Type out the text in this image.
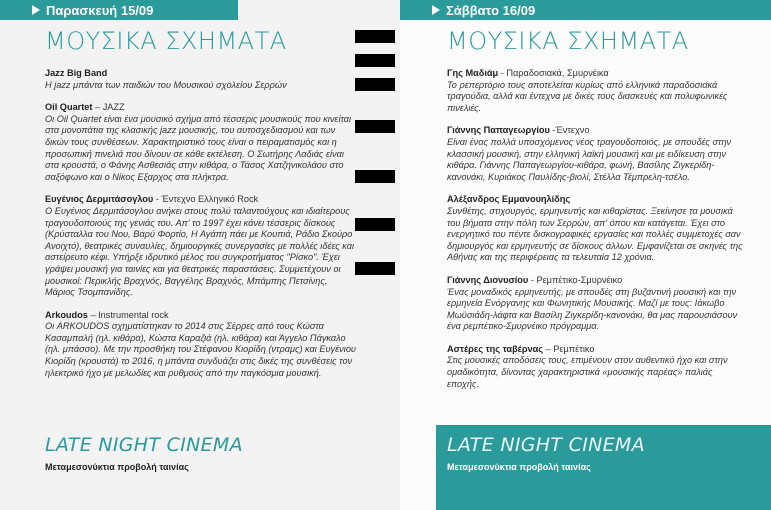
Παρασκευή 15/09
ΜΟΥΣΙΚΑ ΣΧΗΜΑΤΑ
Jazz Big Band
Η jazz μπάντα των παιδιών του Μουσικού σχολείου Σερρών
Oil Quartet – JAZZ
Οι Oil Quartet είναι ένα μουσικό σχήμα από τέσσερις μουσικούς που κινείται στα μονοπάτια της κλασικής jazz μουσικής, του αυτοσχεδιασμού και των δικών τους συνθέσεων. Χαρακτηριστικό τους είναι ο πειραματισμός και η προσωπική πινελιά που δίνουν σε κάθε εκτέλεση. Ο Σωτήρης Λαδιάς είναι στα κρουστά, ο Φάνης Ασθεσιάς στην κιθάρα, ο Τάσος Χατζηνικολάου στο σαξόφωνο και ο Νίκος Εξαρχος στα πλήκτρα.
Ευγένιος Δερμιτάσογλου - Έντεχνο Ελληνικό Rock
Ο Ευγένιος Δερμιτάσογλου ανήκει στους πολύ ταλαντούχους και ιδιαίτερους τραγουδοποιούς της γενιάς του. Απ' το 1997 έχει κάνει τέσσερις δίσκους (Κρύσταλλα του Νου, Βαρύ Φορτίο, Η Αγάπη πάει με Κουπιά, Ράδιο Σκούρο Ανοιχτό), θεατρικές συναυλίες, δημιουργικές συνεργασίες με πολλές ιδέες και αστείρευτο κέφι. Υπήρξε ιδρυτικό μέλος του συγκροτήματος "Ρίσκο". Έχει γράψει μουσική για ταινίες και για θεατρικές παραστάσεις. Συμμετέχουν οι μουσικοί: Περικλής Βραχνός, Βαγγέλης Βραχνός, Μπάμπης Πετσίνης, Μάριος Τσομπανίδης.
Arkoudos – Instrumental rock
Οι ARKOUDOS σχηματίστηκαν το 2014 στις Σέρρες από τους Κώστα Κασαμπαλή (ηλ. κιθάρα), Κώστα Καραζιά (ηλ. κιθάρα) και Άγγελο Πάγκαλο (ηλ. μπάσσο). Με την προσθήκη του Στέφανου Κιορίδη (ντραμς) και Ευγένιου Κιορίδη (κρουστά) το 2016, η μπάντα συνδυάζει στις δικές της συνθέσεις τον ηλεκτρικό ήχο με μελωδίες και ρυθμούς από την παγκόσμια μουσική.
LATE NIGHT CINEMA
Μεταμεσονύκτια προβολή ταινίας
Σάββατο 16/09
ΜΟΥΣΙΚΑ ΣΧΗΜΑΤΑ
Γης Μαδιάμ - Παραδοσιακά, Σμυρνέικα
Το ρεπερτόριο τους αποτελείται κυρίως από ελληνικά παραδοσιακά τραγούδια, αλλά και έντεχνα με δικές τους διασκευές και πολυφωνικές πινελιές.
Γιάννης Παπαγεωργίου -Έντεχνο
Είναι ένας πολλά υποσχόμενος νέος τραγουδοποιός, με σπουδές στην κλασσική μουσική, στην ελληνική λαϊκή μουσική και με ειδίκευση στην κιθάρα. Γιάννης Παπαγεωργίου-κιθάρα, φωνή, Βασίλης Ζιγκερίδη-κανονάκι, Κυριάκος Παυλίδης-βιολί, Στέλλα Τέμπρελη-τσέλο.
Αλέξανδρος Εμμανουηλίδης
Συνθέτης, στιχουργός, ερμηνευτής και κιθαρίστας. Ξεκίνησε τα μουσικά του βήματα στην πόλη των Σερρών, απ' όπου και κατάγεται. Έχει στο ενεργητικό του πέντε δισκογραφικές εργασίες και πολλές συμμετοχές σαν δημιουργός και ερμηνευτής σε δίσκους άλλων. Εμφανίζεται σε σκηνές της Αθήνας και της περιφέρειας τα τελευταία 12 χρόνια.
Γιάννης Διονυσίου - Ρεμπέτικο-Σμυρνέικο
Ένας μοναδικός ερμηνευτής, με σπουδές στη βυζαντινή μουσική και την ερμηνεία Ενόργανης και Φωνητικής Μουσικής. Μαζί με τους: Ιάκωβο Μωϋσιάδη-λάφτα και Βασίλη Ζιγκερίδη-κανονάκι, θα μας παρουσιάσουν ένα ρεμπέτικο-Σμυρνέικο πρόγραμμα.
Αστέρες της ταβέρνας – Ρεμπέτικο
Στις μουσικές αποδόσεις τους, επιμένουν στον αυθεντικό ήχο και στην ομαδικότητα, δίνοντας χαρακτηριστικά «μουσικής παρέας» παλιάς εποχής.
LATE NIGHT CINEMA
Μεταμεσονύκτια προβολή ταινίας
